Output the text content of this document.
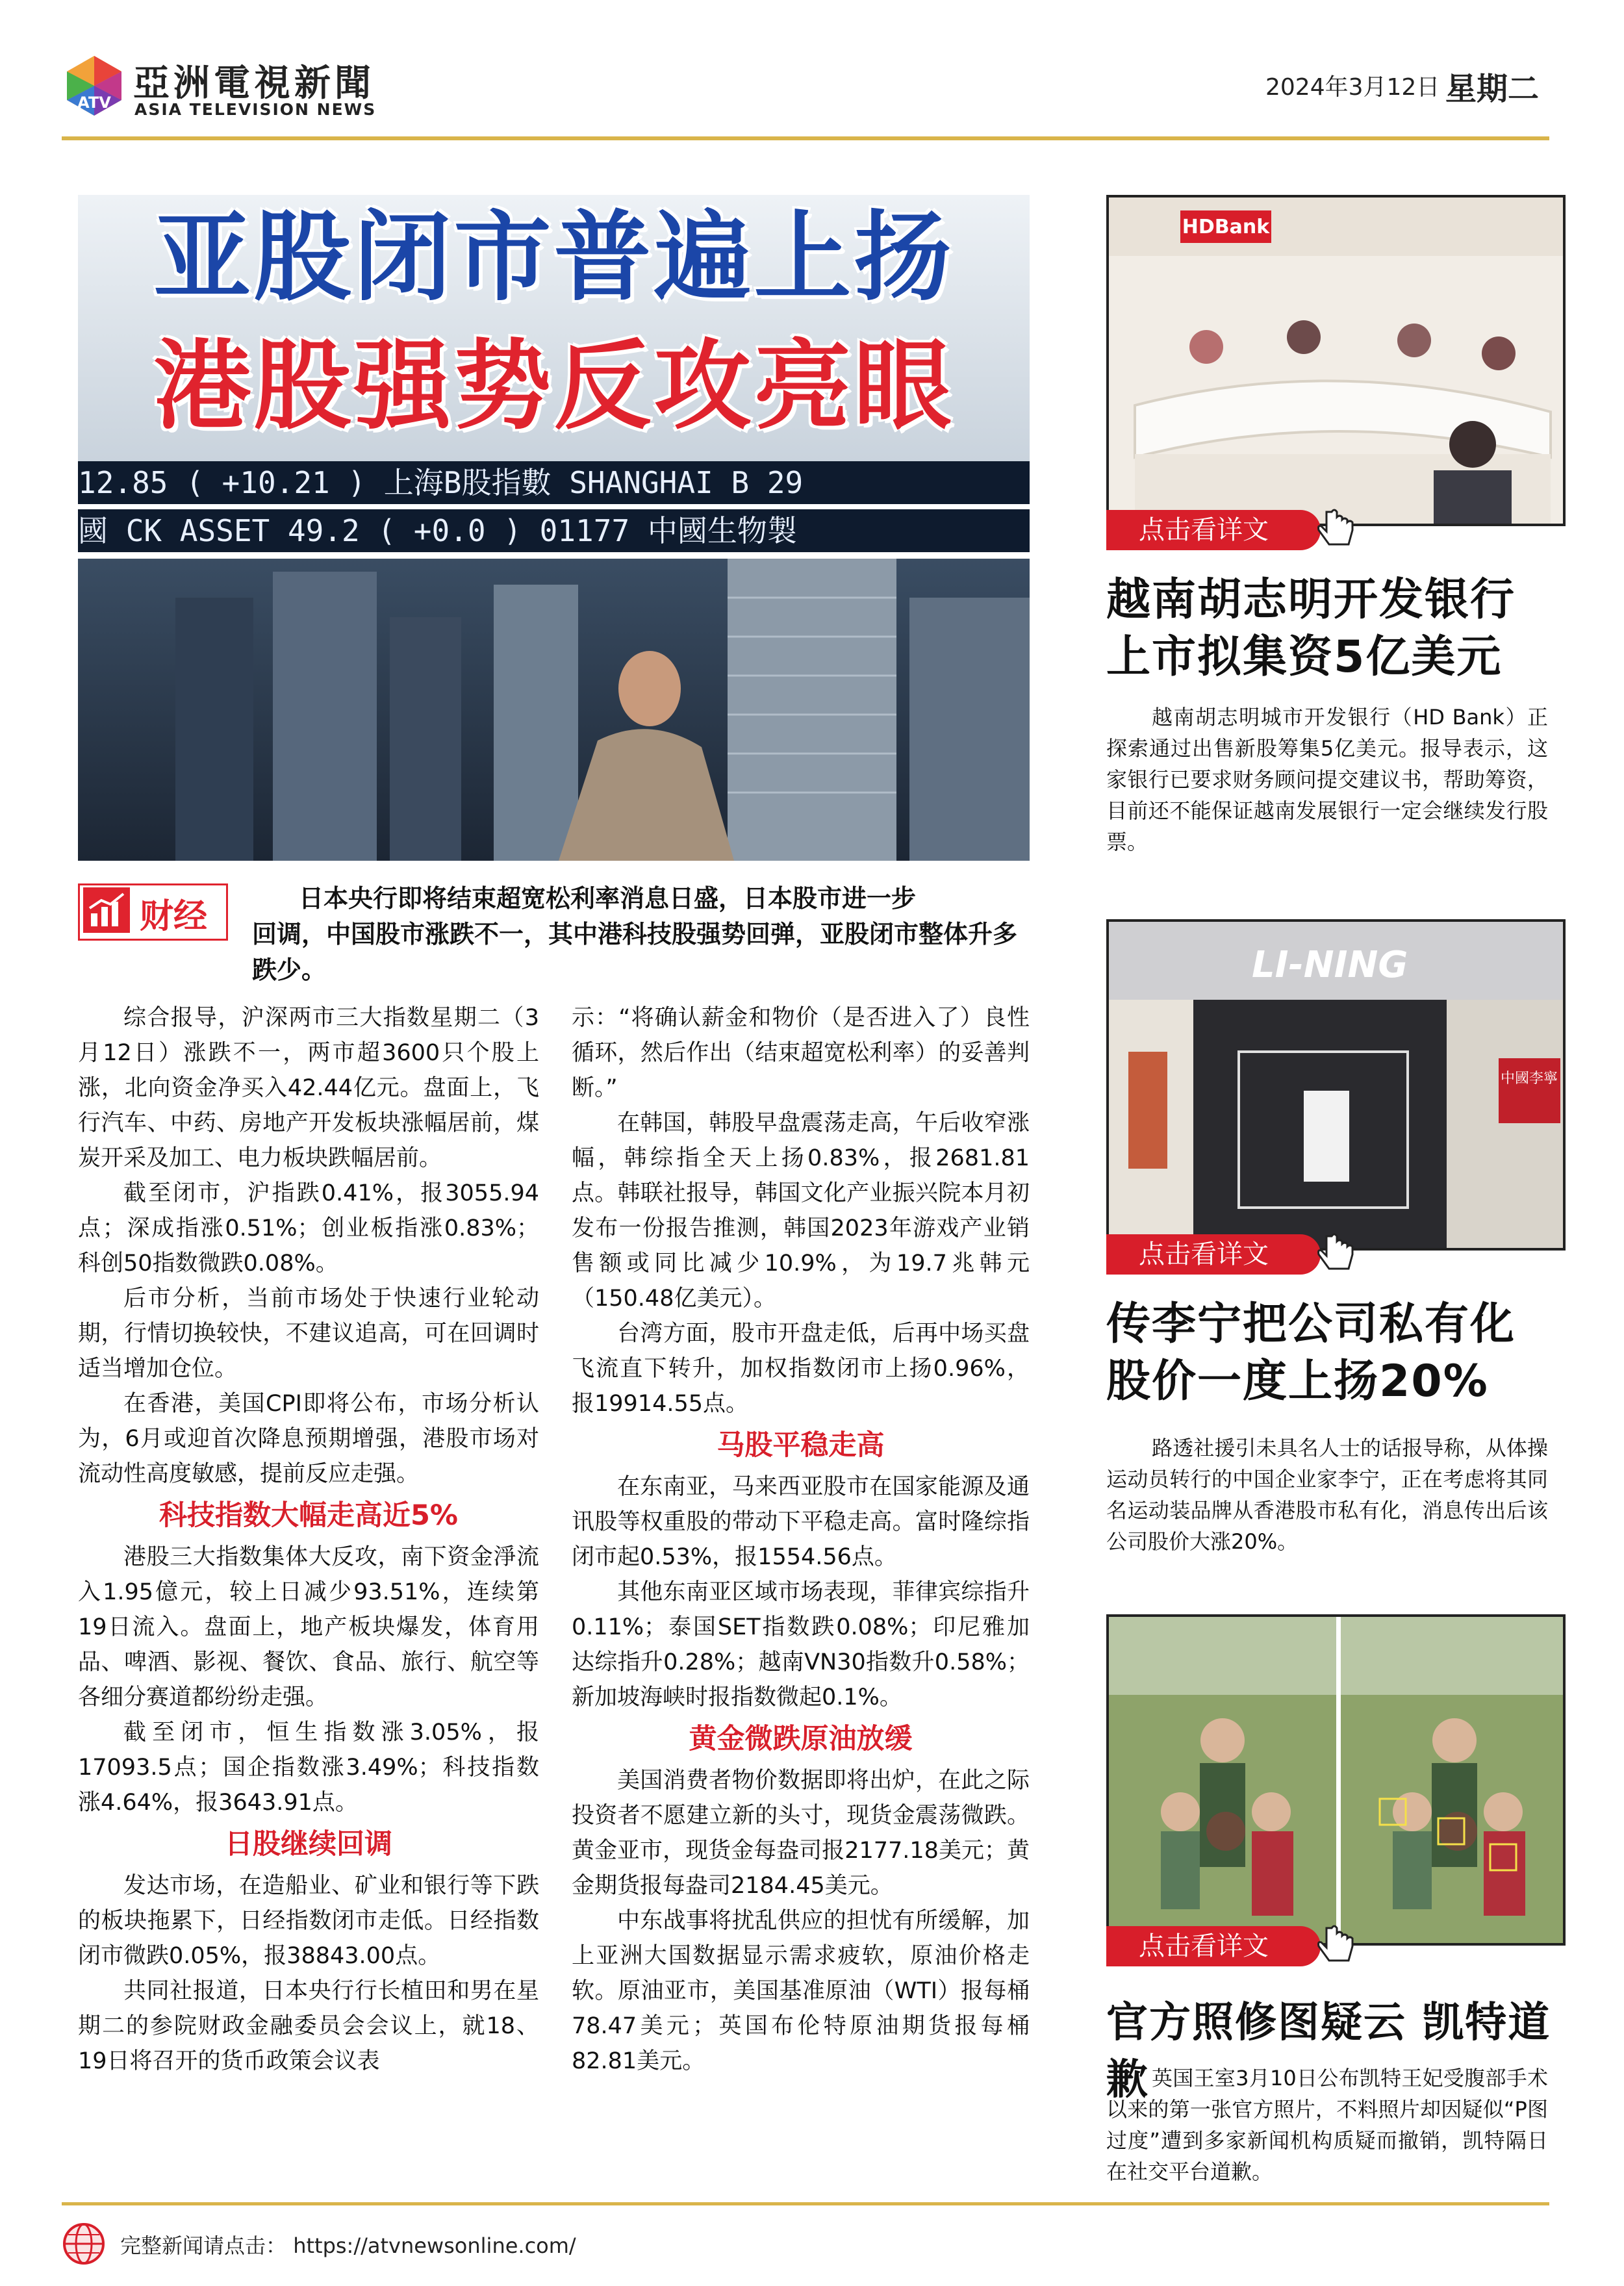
ATV 亞洲電視新聞
ASIA TELEVISION NEWS
2024年3月12日 星期二
12.85 ( +10.21 ) 上海B股指數 SHANGHAI B 29
國 CK ASSET 49.2 ( +0.0 ) 01177 中國生物製
亚股闭市普遍上扬
港股强势反攻亮眼
财经	日本央行即将结束超宽松利率消息日盛，日本股市进一步
回调，中国股市涨跌不一，其中港科技股强势回弹，亚股闭市整体升多跌少。

综合报导，沪深两市三大指数星期二（3月12日）涨跌不一，两市超3600只个股上涨，北向资金净买入42.44亿元。盘面上，飞行汽车、中药、房地产开发板块涨幅居前，煤炭开采及加工、电力板块跌幅居前。

截至闭市，沪指跌0.41%，报3055.94点；深成指涨0.51%；创业板指涨0.83%；科创50指数微跌0.08%。

后市分析，当前市场处于快速行业轮动期，行情切换较快，不建议追高，可在回调时适当增加仓位。

在香港，美国CPI即将公布，市场分析认为，6月或迎首次降息预期增强，港股市场对流动性高度敏感，提前反应走强。

科技指数大幅走高近5%

港股三大指数集体大反攻，南下资金淨流入1.95億元，较上日减少93.51%，连续第19日流入。盘面上，地产板块爆发，体育用品、啤酒、影视、餐饮、食品、旅行、航空等各细分赛道都纷纷走强。

截至闭市，恒生指数涨3.05%，报17093.5点；国企指数涨3.49%；科技指数涨4.64%，报3643.91点。

日股继续回调

发达市场，在造船业、矿业和银行等下跌的板块拖累下，日经指数闭市走低。日经指数闭市微跌0.05%，报38843.00点。

共同社报道，日本央行行长植田和男在星期二的参院财政金融委员会会议上，就18、19日将召开的货币政策会议表

示：“将确认薪金和物价（是否进入了）良性循环，然后作出（结束超宽松利率）的妥善判断。”

在韩国，韩股早盘震荡走高，午后收窄涨幅，韩综指全天上扬0.83%，报2681.81点。韩联社报导，韩国文化产业振兴院本月初发布一份报告推测，韩国2023年游戏产业销售额或同比减少10.9%，为19.7兆韩元（150.48亿美元）。

台湾方面，股市开盘走低，后再中场买盘飞流直下转升，加权指数闭市上扬0.96%，报19914.55点。

马股平稳走高

在东南亚，马来西亚股市在国家能源及通讯股等权重股的带动下平稳走高。富时隆综指闭市起0.53%，报1554.56点。

其他东南亚区域市场表现，菲律宾综指升0.11%；泰国SET指数跌0.08%；印尼雅加达综指升0.28%；越南VN30指数升0.58%；新加坡海峡时报指数微起0.1%。

黄金微跌原油放缓

美国消费者物价数据即将出炉，在此之际投资者不愿建立新的头寸，现货金震荡微跌。黄金亚市，现货金每盎司报2177.18美元；黄金期货报每盎司2184.45美元。

中东战事将扰乱供应的担忧有所缓解，加上亚洲大国数据显示需求疲软，原油价格走软。原油亚市，美国基准原油（WTI）报每桶78.47美元；英国布伦特原油期货报每桶82.81美元。

HDBank
点击看详文
越南胡志明开发银行
上市拟集资5亿美元
越南胡志明城市开发银行（HD Bank）正探索通过出售新股筹集5亿美元。报导表示，这家银行已要求财务顾问提交建议书，帮助筹资，目前还不能保证越南发展银行一定会继续发行股票。
LI-NING
中國李寧
点击看详文
传李宁把公司私有化
股价一度上扬20%
路透社援引未具名人士的话报导称，从体操运动员转行的中国企业家李宁，正在考虑将其同名运动装品牌从香港股市私有化，消息传出后该公司股价大涨20%。
点击看详文
官方照修图疑云 凯特道歉 英国王室3月10日公布凯特王妃受腹部手术以来的第一张官方照片，不料照片却因疑似“P图过度”遭到多家新闻机构质疑而撤销，凯特隔日在社交平台道歉。
完整新闻请点击： https://atvnewsonline.com/
